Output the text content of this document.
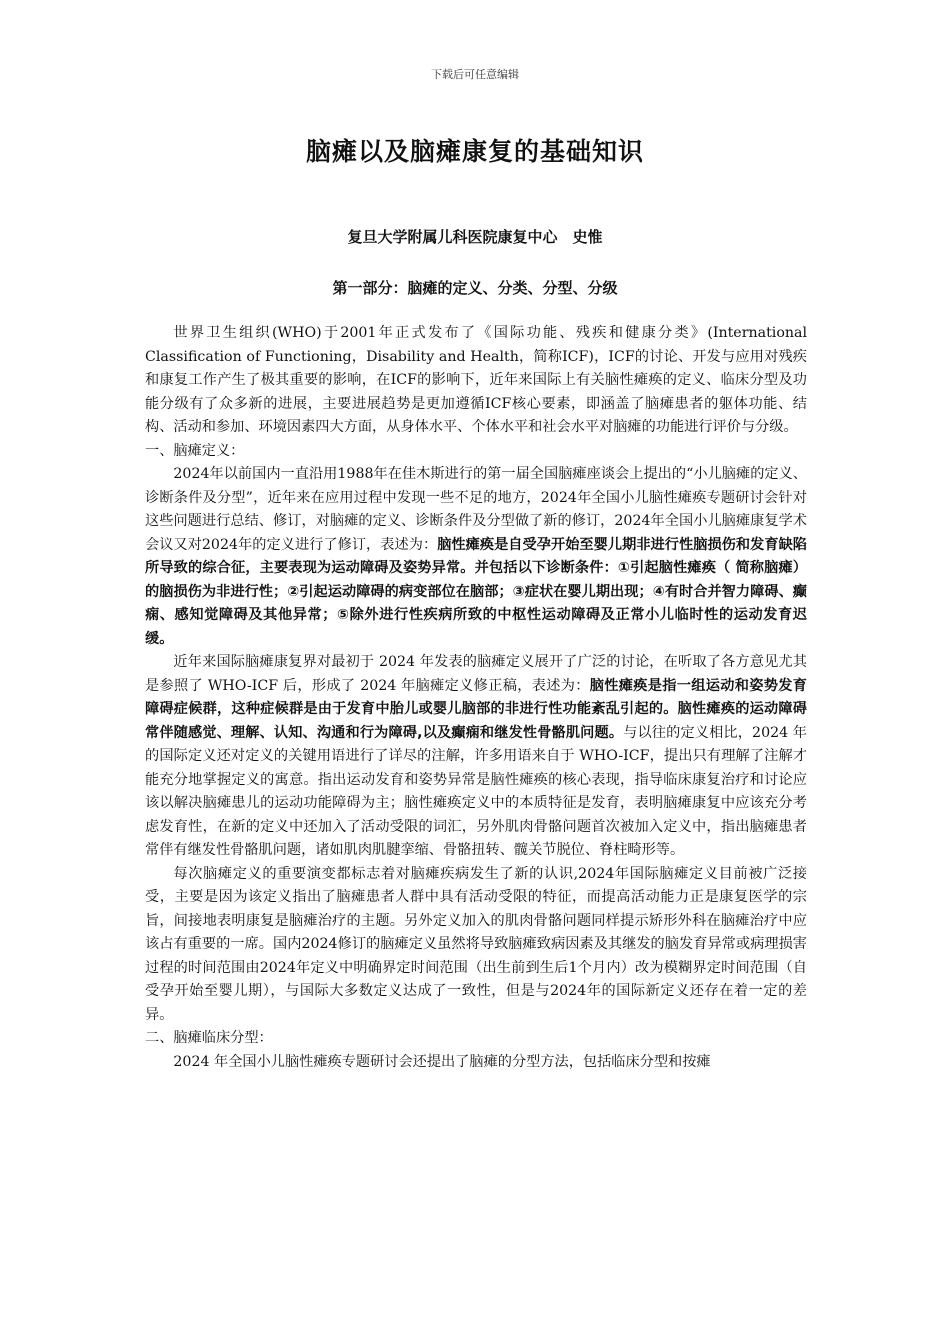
下载后可任意编辑
脑瘫以及脑瘫康复的基础知识
复旦大学附属儿科医院康复中心　史惟
第一部分：脑瘫的定义、分类、分型、分级

世界卫生组织(WHO)于2001年正式发布了《国际功能、残疾和健康分类》(International Classification of Functioning，Disability and Health，简称ICF)，ICF的讨论、开发与应用对残疾和康复工作产生了极其重要的影响，在ICF的影响下，近年来国际上有关脑性瘫痪的定义、临床分型及功能分级有了众多新的进展，主要进展趋势是更加遵循ICF核心要素，即涵盖了脑瘫患者的躯体功能、结构、活动和参加、环境因素四大方面，从身体水平、个体水平和社会水平对脑瘫的功能进行评价与分级。

一、脑瘫定义：

2024年以前国内一直沿用1988年在佳木斯进行的第一届全国脑瘫座谈会上提出的“小儿脑瘫的定义、诊断条件及分型”，近年来在应用过程中发现一些不足的地方，2024年全国小儿脑性瘫痪专题研讨会针对这些问题进行总结、修订，对脑瘫的定义、诊断条件及分型做了新的修订，2024年全国小儿脑瘫康复学术会议又对2024年的定义进行了修订，表述为：脑性瘫痪是自受孕开始至婴儿期非进行性脑损伤和发育缺陷所导致的综合征，主要表现为运动障碍及姿势异常。并包括以下诊断条件：①引起脑性瘫痪（ 简称脑瘫）的脑损伤为非进行性；②引起运动障碍的病变部位在脑部；③症状在婴儿期出现；④有时合并智力障碍、癫痫、感知觉障碍及其他异常；⑤除外进行性疾病所致的中枢性运动障碍及正常小儿临时性的运动发育迟缓。

近年来国际脑瘫康复界对最初于 2024 年发表的脑瘫定义展开了广泛的讨论，在听取了各方意见尤其是参照了 WHO-ICF 后，形成了 2024 年脑瘫定义修正稿，表述为：脑性瘫痪是指一组运动和姿势发育障碍症候群，这种症候群是由于发育中胎儿或婴儿脑部的非进行性功能紊乱引起的。脑性瘫痪的运动障碍常伴随感觉、理解、认知、沟通和行为障碍,以及癫痫和继发性骨骼肌问题。与以往的定义相比，2024 年的国际定义还对定义的关键用语进行了详尽的注解，许多用语来自于 WHO-ICF，提出只有理解了注解才能充分地掌握定义的寓意。指出运动发育和姿势异常是脑性瘫痪的核心表现，指导临床康复治疗和讨论应该以解决脑瘫患儿的运动功能障碍为主；脑性瘫痪定义中的本质特征是发育，表明脑瘫康复中应该充分考虑发育性，在新的定义中还加入了活动受限的词汇，另外肌肉骨骼问题首次被加入定义中，指出脑瘫患者常伴有继发性骨骼肌问题，诸如肌肉肌腱挛缩、骨骼扭转、髋关节脱位、脊柱畸形等。

每次脑瘫定义的重要演变都标志着对脑瘫疾病发生了新的认识,2024年国际脑瘫定义目前被广泛接受，主要是因为该定义指出了脑瘫患者人群中具有活动受限的特征，而提高活动能力正是康复医学的宗旨，间接地表明康复是脑瘫治疗的主题。另外定义加入的肌肉骨骼问题同样提示矫形外科在脑瘫治疗中应该占有重要的一席。国内2024修订的脑瘫定义虽然将导致脑瘫致病因素及其继发的脑发育异常或病理损害过程的时间范围由2024年定义中明确界定时间范围（出生前到生后1个月内）改为模糊界定时间范围（自受孕开始至婴儿期），与国际大多数定义达成了一致性，但是与2024年的国际新定义还存在着一定的差异。

二、脑瘫临床分型：

2024 年全国小儿脑性瘫痪专题研讨会还提出了脑瘫的分型方法，包括临床分型和按瘫
